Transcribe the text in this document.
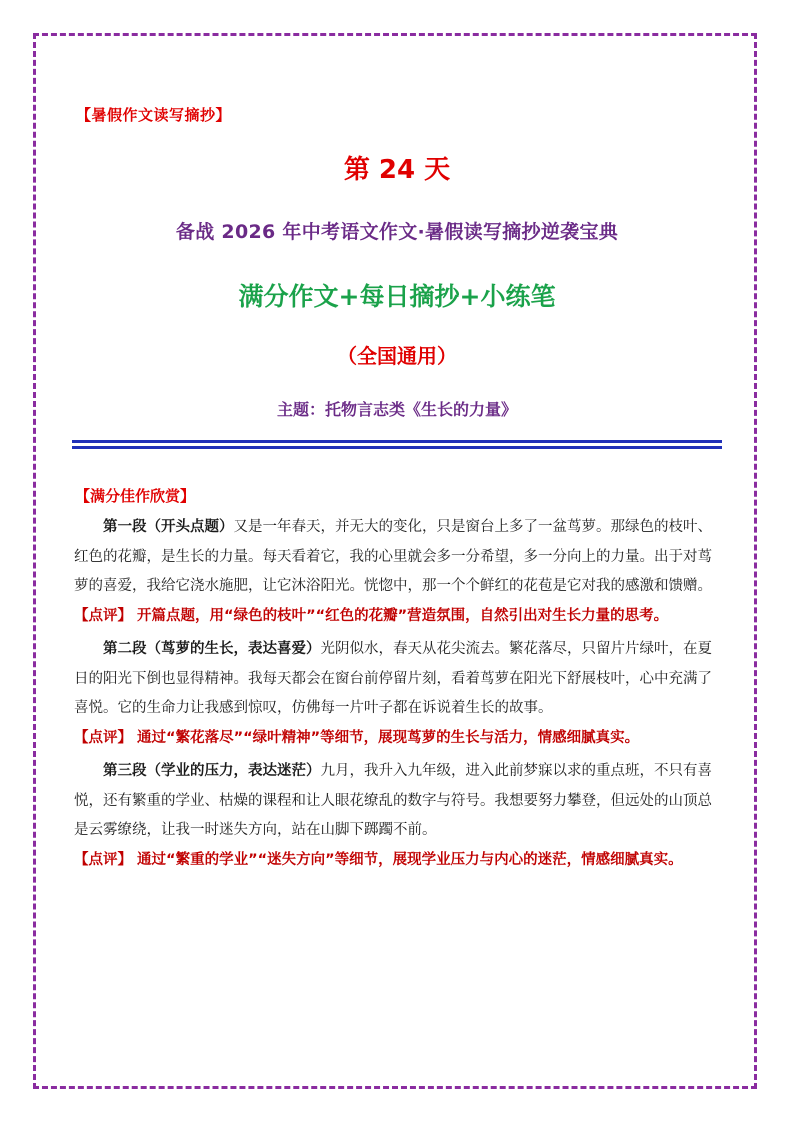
【暑假作文读写摘抄】
第 24 天
备战 2026 年中考语文作文·暑假读写摘抄逆袭宝典
满分作文+每日摘抄+小练笔
（全国通用）
主题：托物言志类《生长的力量》
【满分佳作欣赏】

第一段（开头点题）又是一年春天，并无大的变化，只是窗台上多了一盆茑萝。那绿色的枝叶、红色的花瓣，是生长的力量。每天看着它，我的心里就会多一分希望，多一分向上的力量。出于对茑萝的喜爱，我给它浇水施肥，让它沐浴阳光。恍惚中，那一个个鲜红的花苞是它对我的感激和馈赠。

【点评】 开篇点题，用“绿色的枝叶”“红色的花瓣”营造氛围，自然引出对生长力量的思考。

第二段（茑萝的生长，表达喜爱）光阴似水，春天从花尖流去。繁花落尽，只留片片绿叶，在夏日的阳光下倒也显得精神。我每天都会在窗台前停留片刻，看着茑萝在阳光下舒展枝叶，心中充满了喜悦。它的生命力让我感到惊叹，仿佛每一片叶子都在诉说着生长的故事。

【点评】 通过“繁花落尽”“绿叶精神”等细节，展现茑萝的生长与活力，情感细腻真实。

第三段（学业的压力，表达迷茫）九月，我升入九年级，进入此前梦寐以求的重点班，不只有喜悦，还有繁重的学业、枯燥的课程和让人眼花缭乱的数字与符号。我想要努力攀登，但远处的山顶总是云雾缭绕，让我一时迷失方向，站在山脚下踯躅不前。

【点评】 通过“繁重的学业”“迷失方向”等细节，展现学业压力与内心的迷茫，情感细腻真实。
